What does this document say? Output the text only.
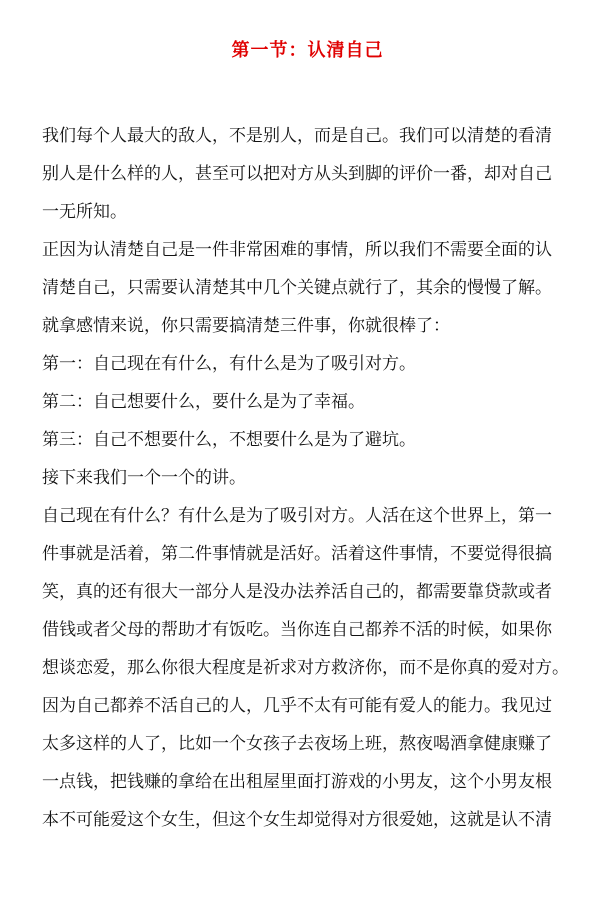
第一节：认清自己
我们每个人最大的敌人，不是别人，而是自己。我们可以清楚的看清
别人是什么样的人，甚至可以把对方从头到脚的评价一番，却对自己
一无所知。
正因为认清楚自己是一件非常困难的事情，所以我们不需要全面的认
清楚自己，只需要认清楚其中几个关键点就行了，其余的慢慢了解。
就拿感情来说，你只需要搞清楚三件事，你就很棒了：
第一：自己现在有什么，有什么是为了吸引对方。
第二：自己想要什么，要什么是为了幸福。
第三：自己不想要什么，不想要什么是为了避坑。
接下来我们一个一个的讲。
自己现在有什么？有什么是为了吸引对方。人活在这个世界上，第一
件事就是活着，第二件事情就是活好。活着这件事情，不要觉得很搞
笑，真的还有很大一部分人是没办法养活自己的，都需要靠贷款或者
借钱或者父母的帮助才有饭吃。当你连自己都养不活的时候，如果你
想谈恋爱，那么你很大程度是祈求对方救济你，而不是你真的爱对方。
因为自己都养不活自己的人，几乎不太有可能有爱人的能力。我见过
太多这样的人了，比如一个女孩子去夜场上班，熬夜喝酒拿健康赚了
一点钱，把钱赚的拿给在出租屋里面打游戏的小男友，这个小男友根
本不可能爱这个女生，但这个女生却觉得对方很爱她，这就是认不清
